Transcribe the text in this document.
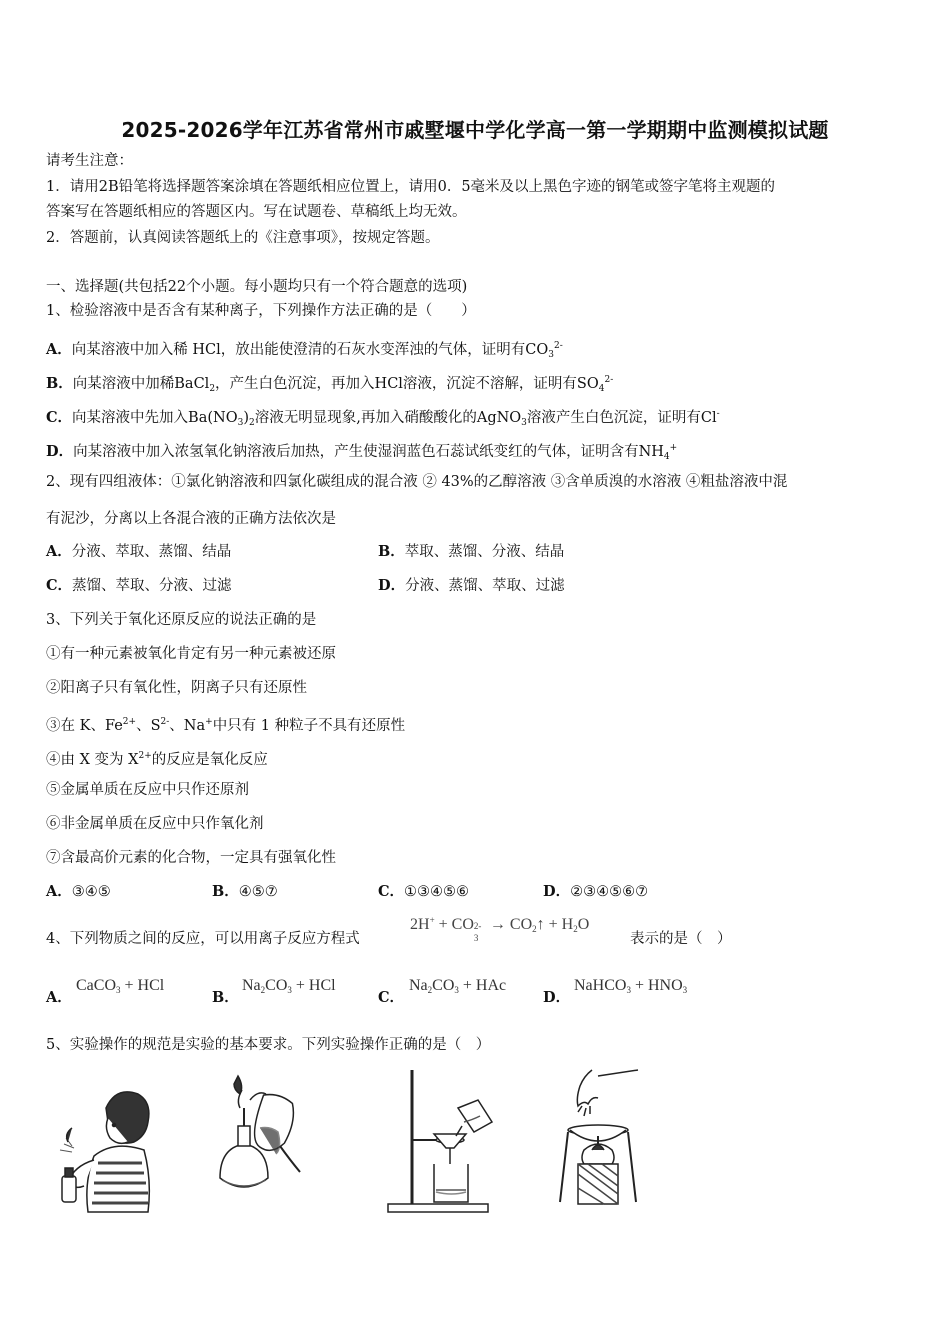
2025-2026学年江苏省常州市戚墅堰中学化学高一第一学期期中监测模拟试题
请考生注意：
1．请用2B铅笔将选择题答案涂填在答题纸相应位置上，请用0．5毫米及以上黑色字迹的钢笔或签字笔将主观题的
答案写在答题纸相应的答题区内。写在试题卷、草稿纸上均无效。
2．答题前，认真阅读答题纸上的《注意事项》，按规定答题。
一、选择题(共包括22个小题。每小题均只有一个符合题意的选项)
1、检验溶液中是否含有某种离子，下列操作方法正确的是（　　）
A．向某溶液中加入稀 HCl，放出能使澄清的石灰水变浑浊的气体，证明有$CO_3^{2-}$
B．向某溶液中加稀BaCl$_2$，产生白色沉淀，再加入HCl溶液，沉淀不溶解，证明有$SO_4^{2-}$
C．向某溶液中先加入$Ba(NO_3)_2$溶液无明显现象,再加入硝酸酸化的AgNO$_3$溶液产生白色沉淀，证明有Cl-
D．向某溶液中加入浓氢氧化钠溶液后加热，产生使湿润蓝色石蕊试纸变红的气体，证明含有$NH_4^+$
2、现有四组液体：①氯化钠溶液和四氯化碳组成的混合液 ② 43%的乙醇溶液 ③含单质溴的水溶液 ④粗盐溶液中混
有泥沙，分离以上各混合液的正确方法依次是
A．分液、萃取、蒸馏、结晶	B．萃取、蒸馏、分液、结晶
C．蒸馏、萃取、分液、过滤	D．分液、蒸馏、萃取、过滤
3、下列关于氧化还原反应的说法正确的是
①有一种元素被氧化肯定有另一种元素被还原
②阳离子只有氧化性，阴离子只有还原性
③在 K、$Fe^{2+}$、$S^{2-}$、Na+中只有 1 种粒子不具有还原性
④由 X 变为 $X^{2+}$的反应是氧化反应
⑤金属单质在反应中只作还原剂
⑥非金属单质在反应中只作氧化剂
⑦含最高价元素的化合物，一定具有强氧化性
A．③④⑤	B．④⑤⑦	C．①③④⑤⑥	D．②③④⑤⑥⑦
4、下列物质之间的反应，可以用离子反应方程式
2H+ + CO 2-
3
→ $CO_2↑ + H_2O$
表示的是（　）
A．
CaCO$_3$ + HCl
B．
$Na_2CO_3$ + HCl
C．
$Na_2CO_3$ + HAc
D．
NaHCO$_3$ + $HNO_3$
5、实验操作的规范是实验的基本要求。下列实验操作正确的是（　）
